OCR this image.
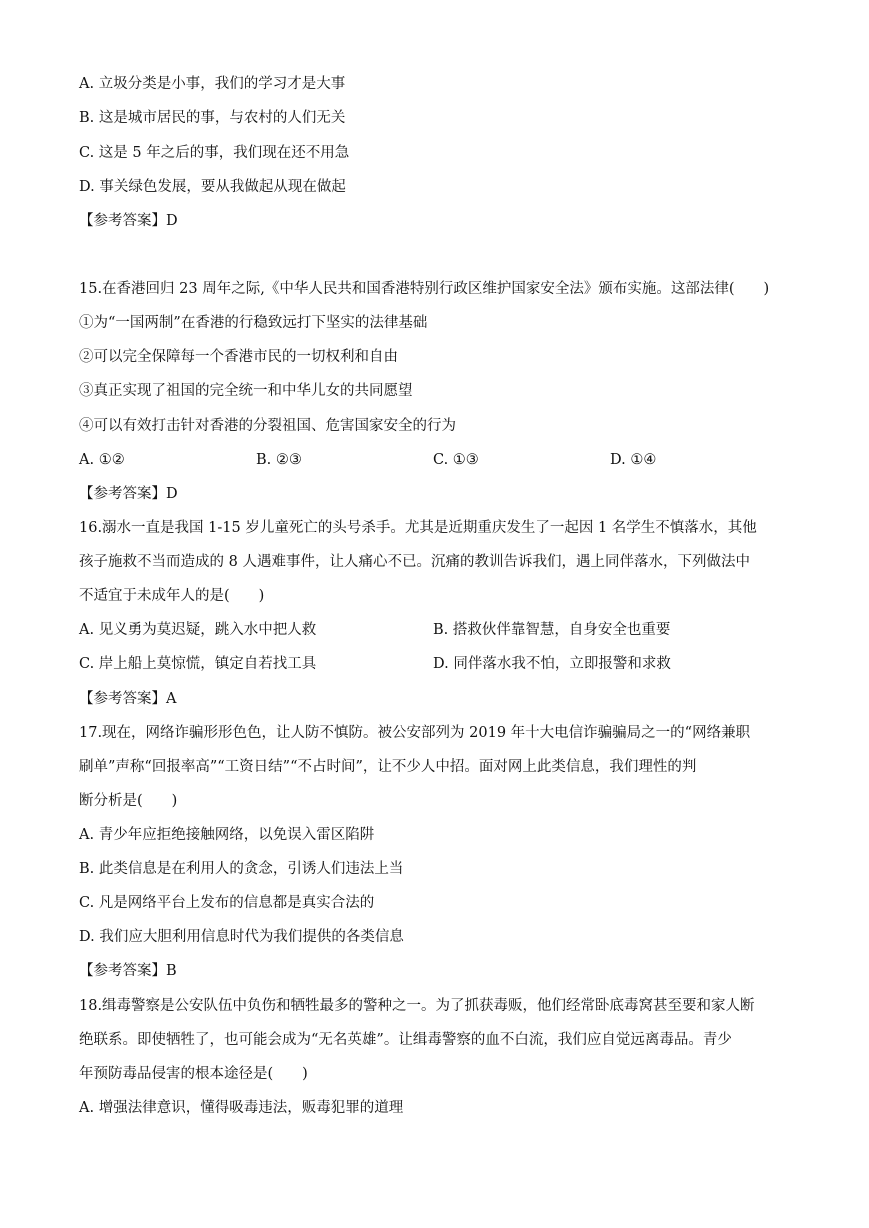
A. 立圾分类是小事，我们的学习才是大事
B. 这是城市居民的事，与农村的人们无关
C. 这是 5 年之后的事，我们现在还不用急
D. 事关绿色发展，要从我做起从现在做起
【参考答案】D
15.在香港回归 23 周年之际,《中华人民共和国香港特别行政区维护国家安全法》颁布实施。这部法律(　　)
①为“一国两制”在香港的行稳致远打下坚实的法律基础
②可以完全保障每一个香港市民的一切权利和自由
③真正实现了祖国的完全统一和中华儿女的共同愿望
④可以有效打击针对香港的分裂祖国、危害国家安全的行为
A. ①②	B. ②③	C. ①③	D. ①④
【参考答案】D
16.溺水一直是我国 1-15 岁儿童死亡的头号杀手。尤其是近期重庆发生了一起因 1 名学生不慎落水，其他
孩子施救不当而造成的 8 人遇难事件，让人痛心不已。沉痛的教训告诉我们，遇上同伴落水，下列做法中
不适宜于未成年人的是(　　)
A. 见义勇为莫迟疑，跳入水中把人救	B. 搭救伙伴靠智慧，自身安全也重要
C. 岸上船上莫惊慌，镇定自若找工具	D. 同伴落水我不怕，立即报警和求救
【参考答案】A
17.现在，网络诈骗形形色色，让人防不慎防。被公安部列为 2019 年十大电信诈骗骗局之一的“网络兼职
刷单”声称“回报率高”“工资日结”“不占时间”，让不少人中招。面对网上此类信息，我们理性的判
断分析是(　　)
A. 青少年应拒绝接触网络，以免误入雷区陷阱
B. 此类信息是在利用人的贪念，引诱人们违法上当
C. 凡是网络平台上发布的信息都是真实合法的
D. 我们应大胆利用信息时代为我们提供的各类信息
【参考答案】B
18.缉毒警察是公安队伍中负伤和牺牲最多的警种之一。为了抓获毒贩，他们经常卧底毒窝甚至要和家人断
绝联系。即使牺牲了，也可能会成为“无名英雄”。让缉毒警察的血不白流，我们应自觉远离毒品。青少
年预防毒品侵害的根本途径是(　　)
A. 增强法律意识，懂得吸毒违法，贩毒犯罪的道理
